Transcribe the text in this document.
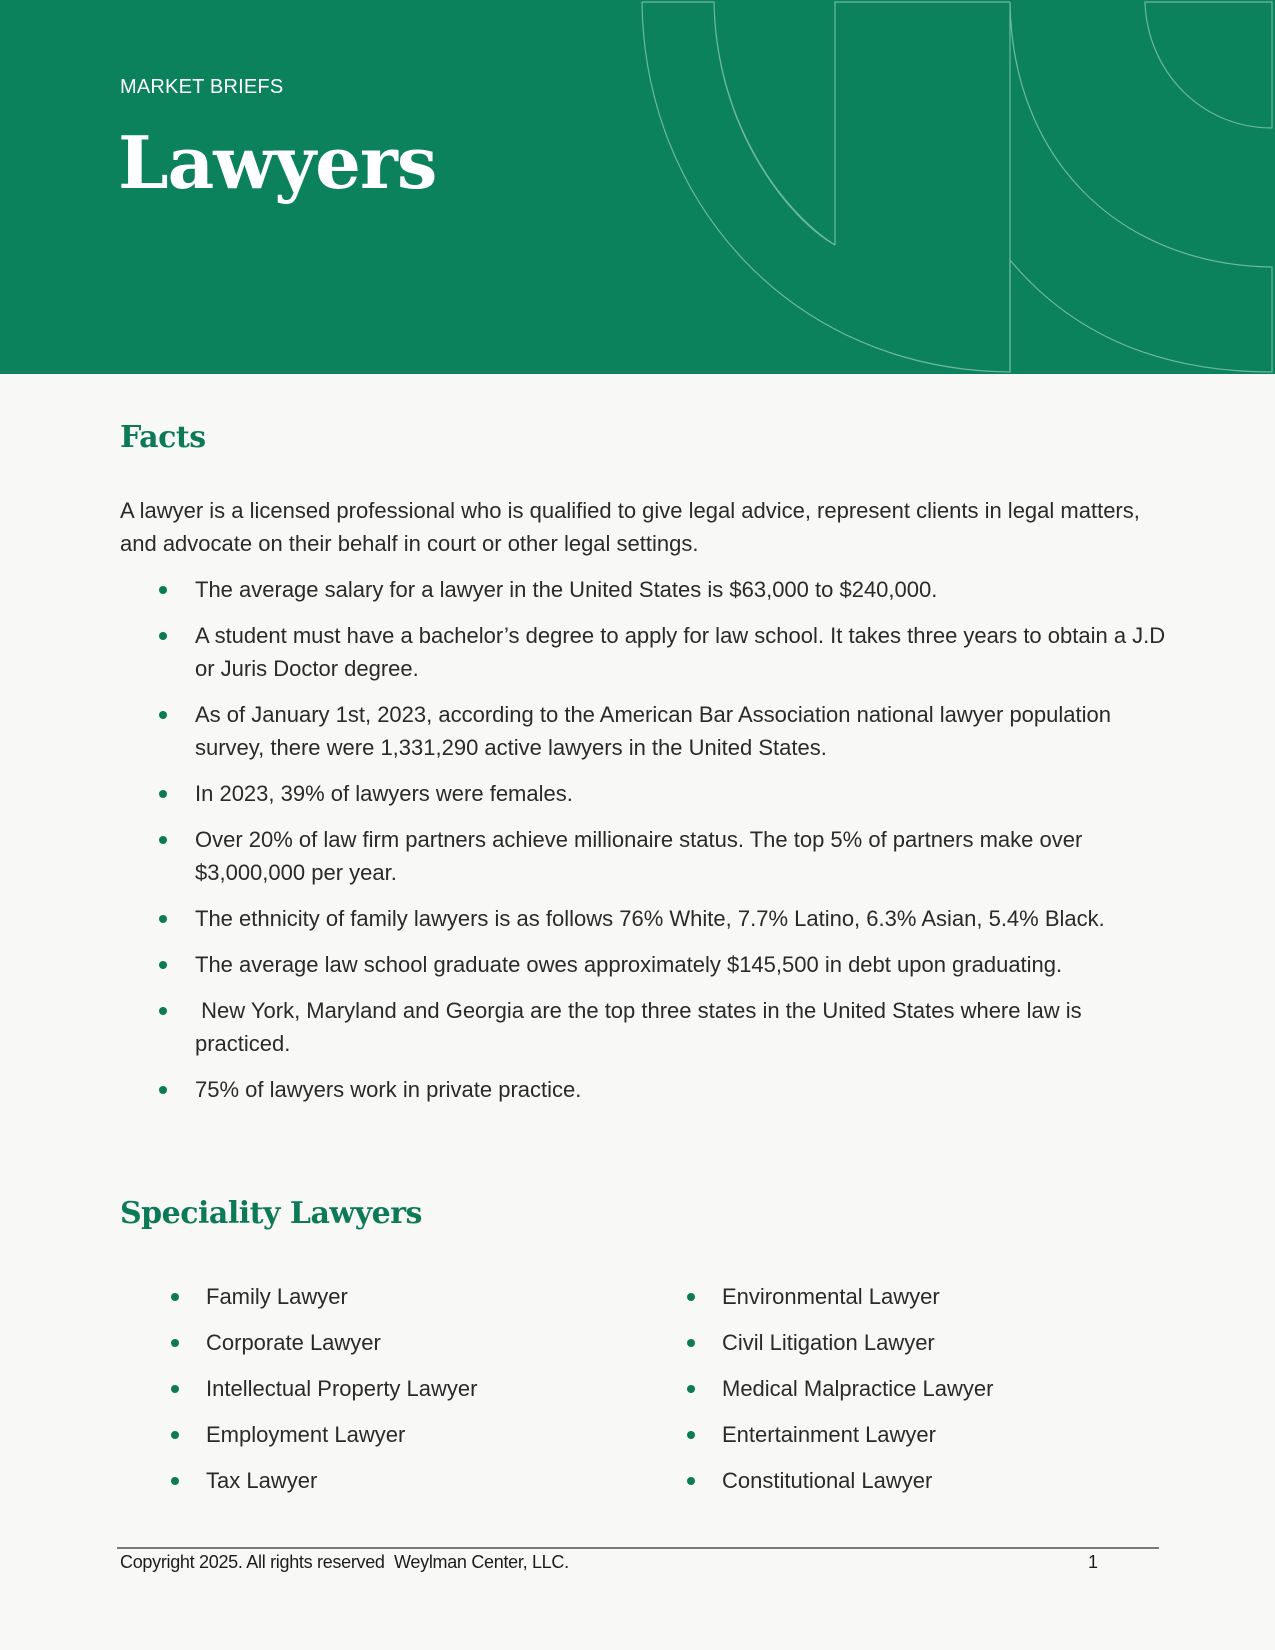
MARKET BRIEFS
Lawyers
Facts

A lawyer is a licensed professional who is qualified to give legal advice, represent clients in legal matters, and advocate on their behalf in court or other legal settings.

The average salary for a lawyer in the United States is $63,000 to $240,000.
A student must have a bachelor’s degree to apply for law school. It takes three years to obtain a J.D or Juris Doctor degree.
As of January 1st, 2023, according to the American Bar Association national lawyer population survey, there were 1,331,290 active lawyers in the United States.
In 2023, 39% of lawyers were females.
Over 20% of law firm partners achieve millionaire status. The top 5% of partners make over $3,000,000 per year.
The ethnicity of family lawyers is as follows 76% White, 7.7% Latino, 6.3% Asian, 5.4% Black.
The average law school graduate owes approximately $145,500 in debt upon graduating.
New York, Maryland and Georgia are the top three states in the United States where law is practiced.
75% of lawyers work in private practice.
Speciality Lawyers
Family Lawyer
Corporate Lawyer
Intellectual Property Lawyer
Employment Lawyer
Tax Lawyer
Environmental Lawyer
Civil Litigation Lawyer
Medical Malpractice Lawyer
Entertainment Lawyer
Constitutional Lawyer
Copyright 2025. All rights reserved  Weylman Center, LLC.	1
